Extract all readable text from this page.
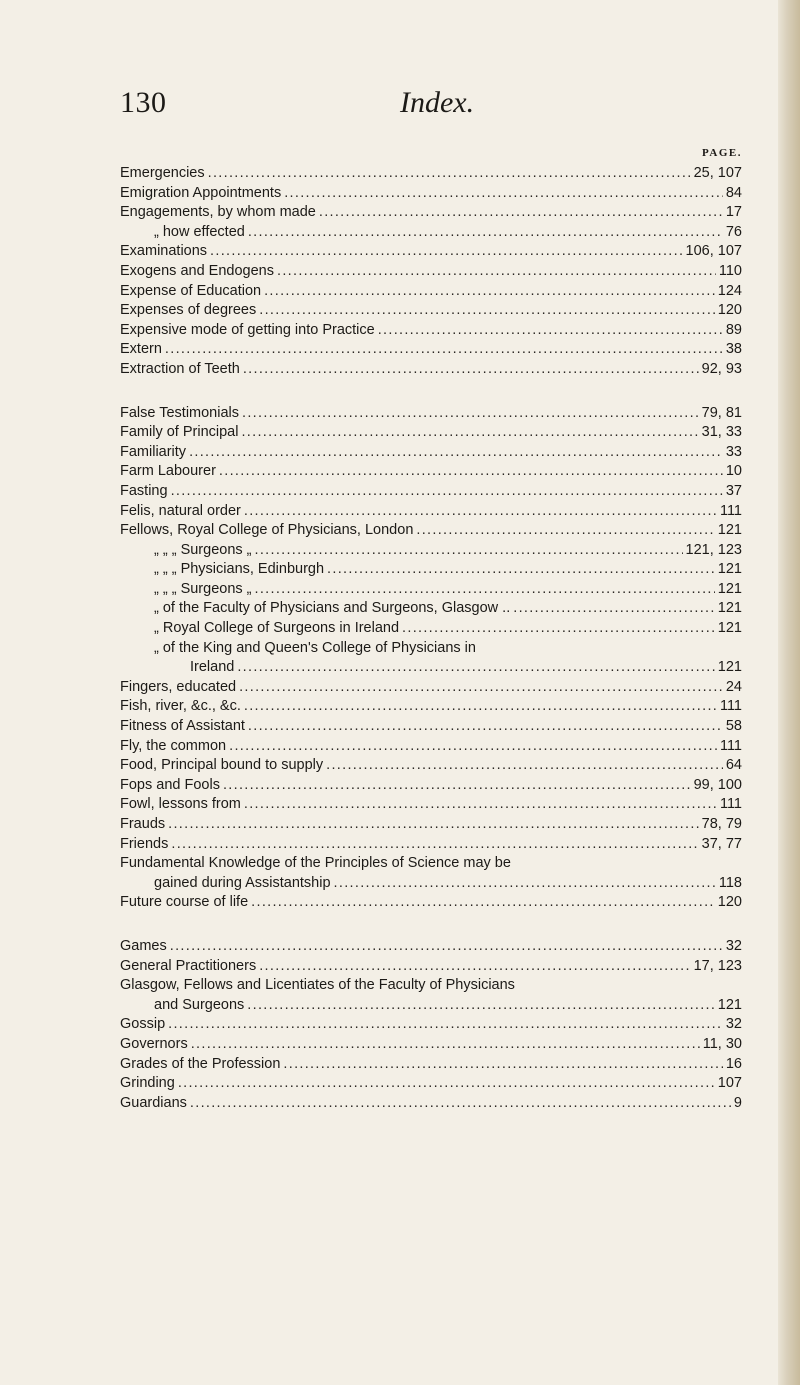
130	Index.
PAGE.
Emergencies .....	25, 107
Emigration Appointments .....	84
Engagements, by whom made .....	17
„ how effected .....	76
Examinations .....	106, 107
Exogens and Endogens .....	110
Expense of Education .....	124
Expenses of degrees .....	120
Expensive mode of getting into Practice .....	89
Extern .....	38
Extraction of Teeth .....	92, 93
False Testimonials .....	79, 81
Family of Principal .....	31, 33
Familiarity .....	33
Farm Labourer .....	10
Fasting .....	37
Felis, natural order .....	111
Fellows, Royal College of Physicians, London .....	121
„ „ „ Surgeons „ .....	121, 123
„ „ „ Physicians, Edinburgh .....	121
„ „ „ Surgeons „ .....	121
„ of the Faculty of Physicians and Surgeons, Glasgow .. .....	121
„ Royal College of Surgeons in Ireland .....	121
„ of the King and Queen's College of Physicians in
Ireland .....	121
Fingers, educated .....	24
Fish, river, &c., &c. .....	111
Fitness of Assistant .....	58
Fly, the common .....	111
Food, Principal bound to supply .....	64
Fops and Fools .....	99, 100
Fowl, lessons from .....	111
Frauds .....	78, 79
Friends .....	37, 77
Fundamental Knowledge of the Principles of Science may be
gained during Assistantship .....	118
Future course of life .....	120
Games .....	32
General Practitioners .....	17, 123
Glasgow, Fellows and Licentiates of the Faculty of Physicians
and Surgeons .....	121
Gossip .....	32
Governors .....	11, 30
Grades of the Profession .....	16
Grinding .....	107
Guardians .....	9
